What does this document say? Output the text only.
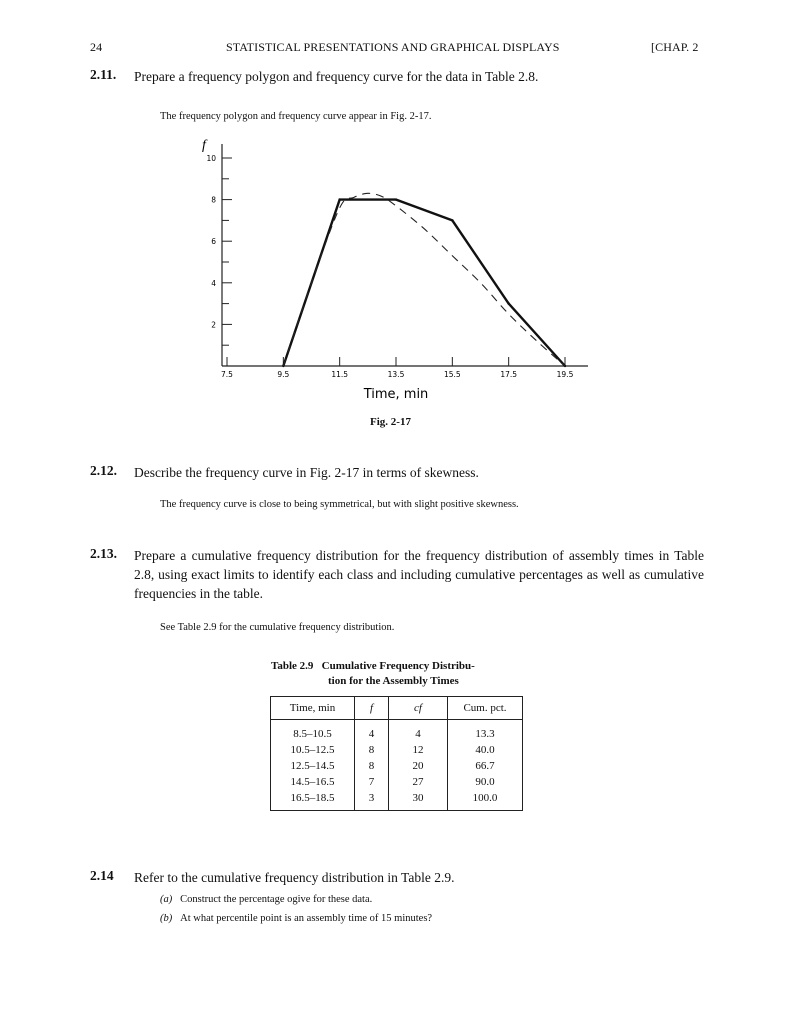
24	STATISTICAL PRESENTATIONS AND GRAPHICAL DISPLAYS	[CHAP. 2
2.11. Prepare a frequency polygon and frequency curve for the data in Table 2.8.
The frequency polygon and frequency curve appear in Fig. 2-17.
2
4
6
8
10
7.5	9.5	11.5	13.5	15.5	17.5	19.5
f
Time, min
Fig. 2-17
2.12. Describe the frequency curve in Fig. 2-17 in terms of skewness.
The frequency curve is close to being symmetrical, but with slight positive skewness.
2.13. Prepare a cumulative frequency distribution for the frequency distribution of assembly times in Table 2.8, using exact limits to identify each class and including cumulative percentages as well as cumulative frequencies in the table.
See Table 2.9 for the cumulative frequency distribution.
Table 2.9 Cumulative Frequency Distribu-
tion for the Assembly Times
Time, min	f	cf	Cum. pct.
8.5–10.5	4	4	13.3
10.5–12.5	8	12	40.0
12.5–14.5	8	20	66.7
14.5–16.5	7	27	90.0
16.5–18.5	3	30	100.0
2.14 Refer to the cumulative frequency distribution in Table 2.9.
(a) Construct the percentage ogive for these data.
(b) At what percentile point is an assembly time of 15 minutes?
